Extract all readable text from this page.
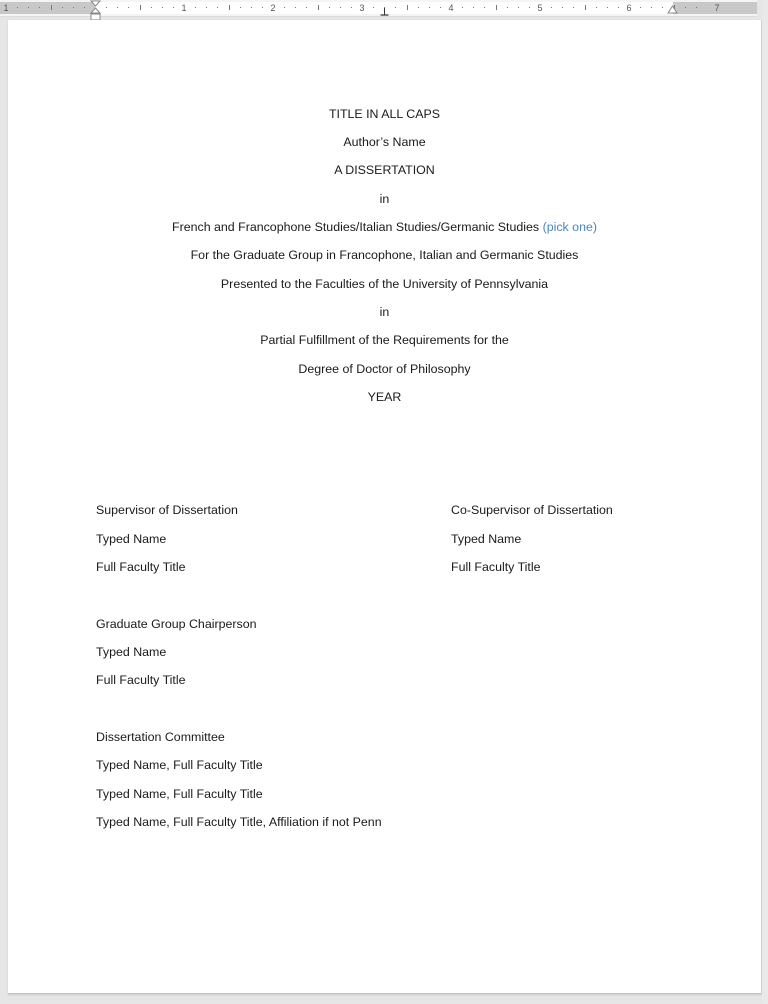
1	1	2	3	4	5	6	7
TITLE IN ALL CAPS
Author’s Name
A DISSERTATION
in
French and Francophone Studies/Italian Studies/Germanic Studies (pick one)
For the Graduate Group in Francophone, Italian and Germanic Studies
Presented to the Faculties of the University of Pennsylvania
in
Partial Fulfillment of the Requirements for the
Degree of Doctor of Philosophy
YEAR
Supervisor of Dissertation
Typed Name
Full Faculty Title
Co-Supervisor of Dissertation
Typed Name
Full Faculty Title
Graduate Group Chairperson
Typed Name
Full Faculty Title
Dissertation Committee
Typed Name, Full Faculty Title
Typed Name, Full Faculty Title
Typed Name, Full Faculty Title, Affiliation if not Penn
